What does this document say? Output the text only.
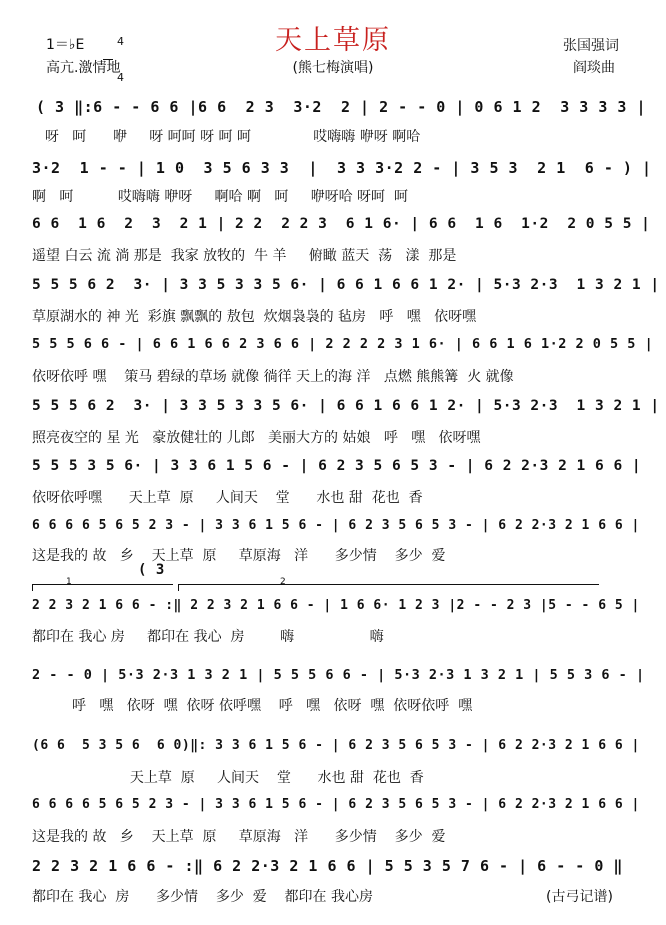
天上草原
1＝♭E	4

4

高亢.激情地	(熊七梅演唱)
张国强词
阎琰曲
( 3 ‖:6 - - 6 6 |6 6  2 3  3·2  2 | 2 - - 0 | 0 6 1 2  3 3 3 3 |
呀   呵      咿     呀 呵呵 呀 呵 呵              哎嗨嗨 咿呀 啊哈
3·2  1 - - | 1 0  3 5 6 3 3  |  3 3 3·2 2 - | 3 5 3  2 1  6 - ) |
啊   呵          哎嗨嗨 咿呀     啊哈 啊   呵     咿呀哈 呀呵  呵
6 6  1 6  2  3  2 1 | 2 2  2 2 3  6 1 6· | 6 6  1 6  1·2  2 0 5 5 |
遥望 白云 流 淌 那是  我家 放牧的  牛 羊     俯瞰 蓝天  荡   漾  那是
5 5 5 6 2  3· | 3 3 5 3 3 5 6· | 6 6 1 6 6 1 2· | 5·3 2·3  1 3 2 1 |
草原湖水的 神 光  彩旗 飘飘的 敖包  炊烟袅袅的 毡房   呼   嘿   依呀嘿
5 5 5 6 6 - | 6 6 1 6 6 2 3 6 6 | 2 2 2 2 3 1 6· | 6 6 1 6 1·2 2 0 5 5 |
依呀依呼 嘿    策马 碧绿的草场 就像 徜徉 天上的海 洋   点燃 熊熊篝  火 就像
5 5 5 6 2  3· | 3 3 5 3 3 5 6· | 6 6 1 6 6 1 2· | 5·3 2·3  1 3 2 1 |
照亮夜空的 星 光   豪放健壮的 儿郎   美丽大方的 姑娘   呼   嘿   依呀嘿
5 5 5 3 5 6· | 3 3 6 1 5 6 - | 6 2 3 5 6 5 3 - | 6 2 2·3 2 1 6 6 |
依呀依呼嘿      天上草  原     人间天    堂      水也 甜  花也  香
6 6 6 6 5 6 5 2 3 - | 3 3 6 1 5 6 - | 6 2 3 5 6 5 3 - | 6 2 2·3 2 1 6 6 |
这是我的 故   乡    天上草  原     草原海   洋      多少情    多少  爱
1
( 3
2
2 2 3 2 1 6 6 - :‖ 2 2 3 2 1 6 6 - | 1 6 6· 1 2 3 |2 - - 2 3 |5 - - 6 5 |
都印在 我心 房     都印在 我心  房        嗨                 嗨
2 - - 0 | 5·3 2·3 1 3 2 1 | 5 5 5 6 6 - | 5·3 2·3 1 3 2 1 | 5 5 3 6 - |
呼   嘿   依呀  嘿  依呀 依呼嘿    呼   嘿   依呀  嘿  依呀依呼  嘿
(6 6  5 3 5 6  6 0)‖: 3 3 6 1 5 6 - | 6 2 3 5 6 5 3 - | 6 2 2·3 2 1 6 6 |
天上草  原     人间天    堂      水也 甜  花也  香
6 6 6 6 5 6 5 2 3 - | 3 3 6 1 5 6 - | 6 2 3 5 6 5 3 - | 6 2 2·3 2 1 6 6 |
这是我的 故   乡    天上草  原     草原海   洋      多少情    多少  爱
2 2 3 2 1 6 6 - :‖ 6 2 2·3 2 1 6 6 | 5 5 3 5 7 6 - | 6 - - 0 ‖
都印在 我心  房      多少情    多少  爱    都印在 我心房	(古弓记谱)
